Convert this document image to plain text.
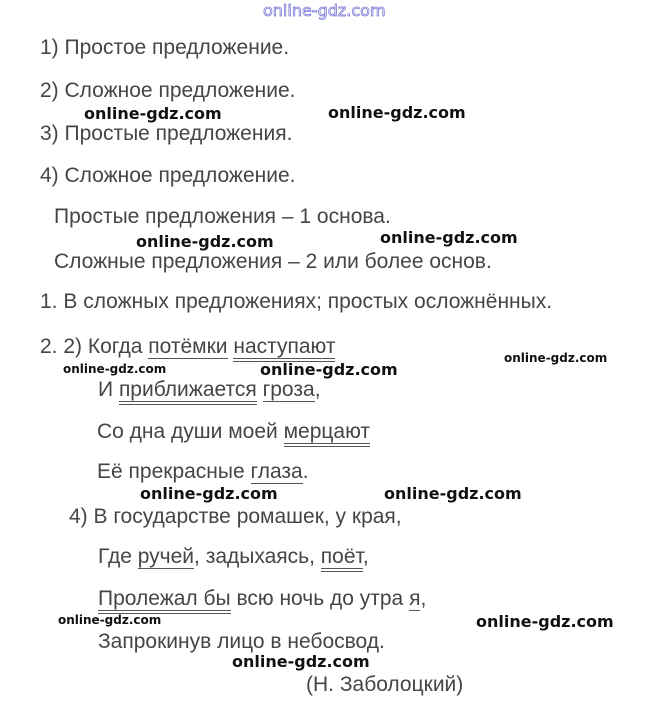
online-gdz.com
1) Простое предложение.
2) Сложное предложение.
3) Простые предложения.
4) Сложное предложение.
Простые предложения – 1 основа.
Сложные предложения – 2 или более основ.
1. В сложных предложениях; простых осложнённых.
2. 2) Когда потёмки наступают
И приближается гроза,
Со дна души моей мерцают
Её прекрасные глаза.
4) В государстве ромашек, у края,
Где ручей, задыхаясь, поёт,
Пролежал бы всю ночь до утра я,
Запрокинув лицо в небосвод.
(Н. Заболоцкий)
online-gdz.com	online-gdz.com
online-gdz.com	online-gdz.com
online-gdz.com
online-gdz.com	online-gdz.com
online-gdz.com	online-gdz.com
online-gdz.com	online-gdz.com
online-gdz.com
